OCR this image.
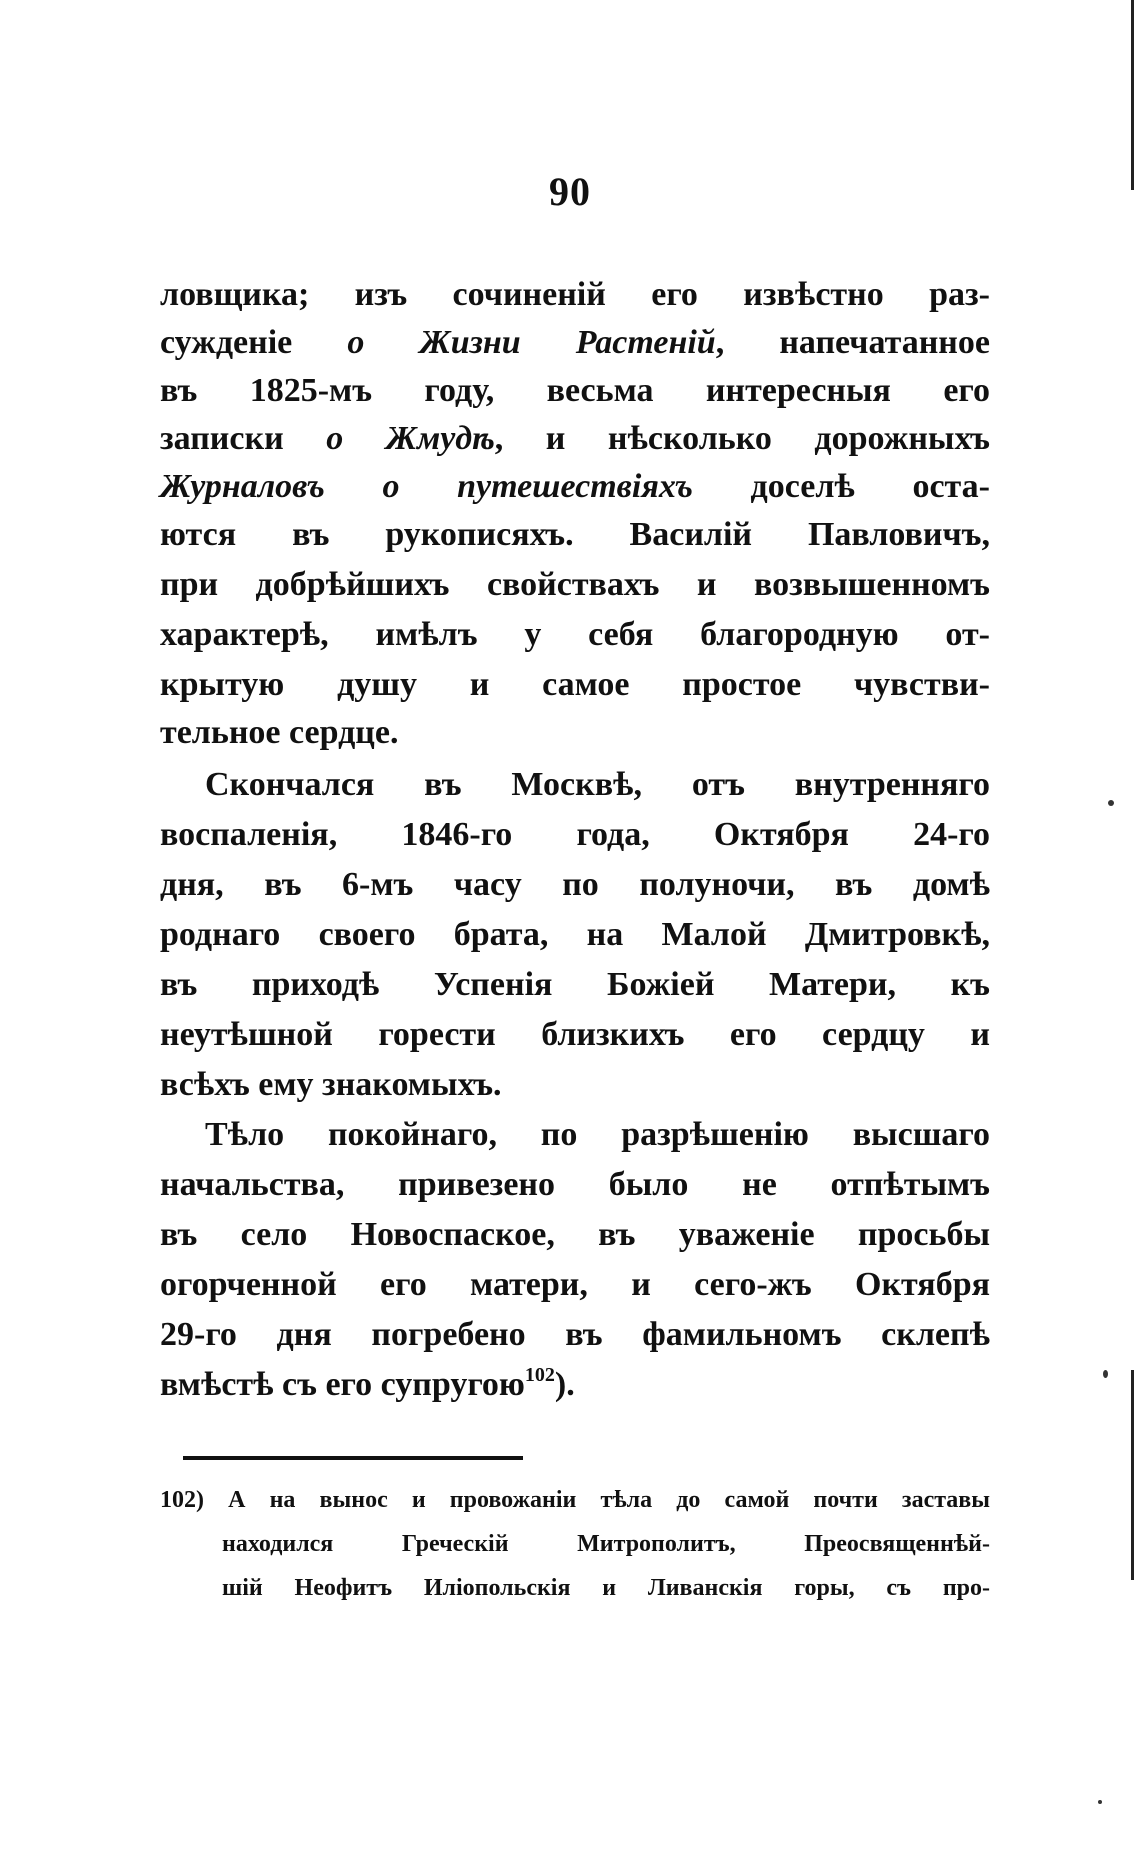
90
ловщика; изъ сочиненій его извѣстно раз-
сужденіе о Жизни Растеній, напечатанное
въ 1825-мъ году, весьма интересныя его
записки о Жмудѣ, и нѣсколько дорожныхъ
Журналовъ о путешествіяхъ доселѣ оста-
ются въ рукописяхъ. Василій Павловичъ,
при добрѣйшихъ свойствахъ и возвышенномъ
характерѣ, имѣлъ у себя благородную от-
крытую душу и самое простое чувстви-
тельное сердце.
Скончался въ Москвѣ, отъ внутренняго
воспаленія, 1846-го года, Октября 24-го
дня, въ 6-мъ часу по полуночи, въ домѣ
роднаго своего брата, на Малой Дмитровкѣ,
въ приходѣ Успенія Божіей Матери, къ
неутѣшной горести близкихъ его сердцу и
всѣхъ ему знакомыхъ.
Тѣло покойнаго, по разрѣшенію высшаго
начальства, привезено было не отпѣтымъ
въ село Новоспаское, въ уваженіе просьбы
огорченной его матери, и сего-жъ Октября
29-го дня погребено въ фамильномъ склепѣ
вмѣстѣ съ его супругою$^{102}$).
102) А на вынос и провожаніи тѣла до самой почти заставы
находился Греческій Митрополитъ, Преосвященнѣй-
шій Неофитъ Иліопольскія и Ливанскія горы, съ про-
